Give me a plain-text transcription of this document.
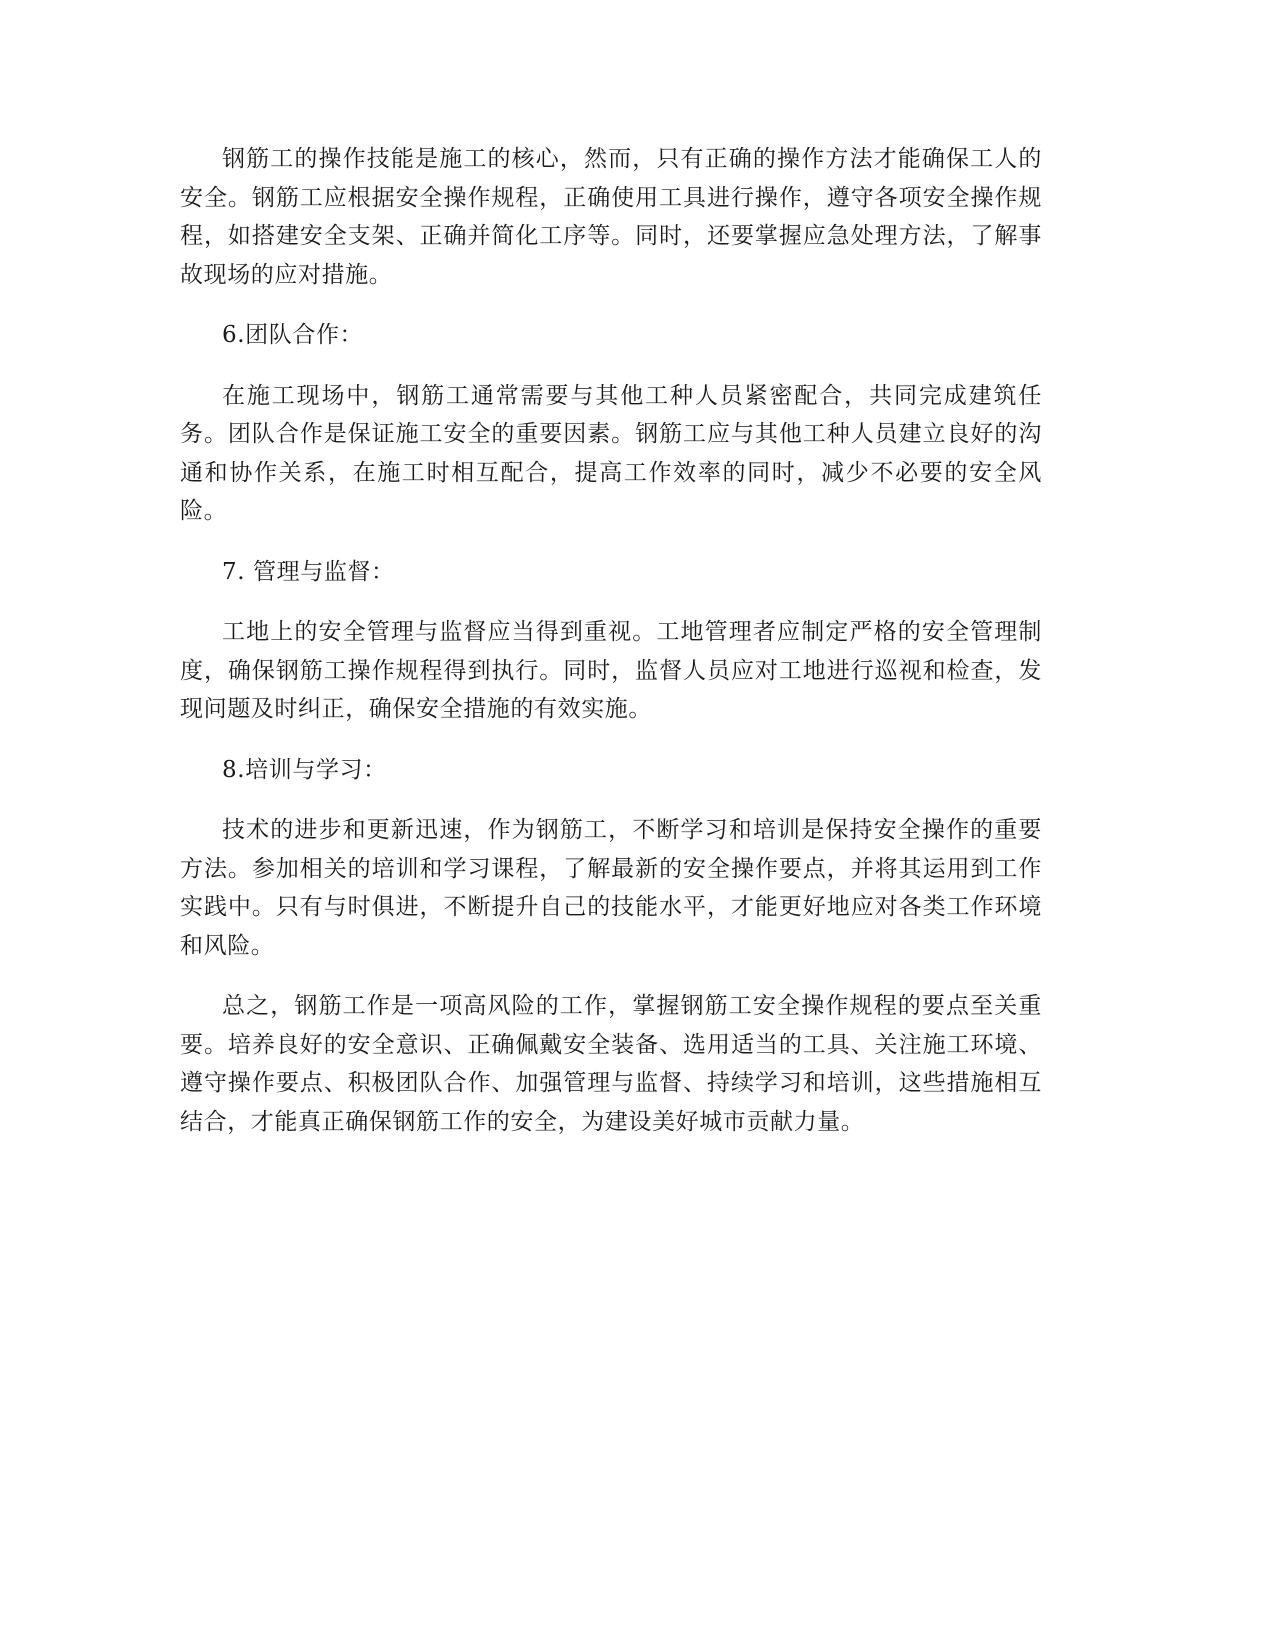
钢筋工的操作技能是施工的核心，然而，只有正确的操作方法才能确保工人的安全。钢筋工应根据安全操作规程，正确使用工具进行操作，遵守各项安全操作规程，如搭建安全支架、正确并简化工序等。同时，还要掌握应急处理方法，了解事故现场的应对措施。

6.团队合作：

在施工现场中，钢筋工通常需要与其他工种人员紧密配合，共同完成建筑任务。团队合作是保证施工安全的重要因素。钢筋工应与其他工种人员建立良好的沟通和协作关系，在施工时相互配合，提高工作效率的同时，减少不必要的安全风险。

7. 管理与监督：

工地上的安全管理与监督应当得到重视。工地管理者应制定严格的安全管理制度，确保钢筋工操作规程得到执行。同时，监督人员应对工地进行巡视和检查，发现问题及时纠正，确保安全措施的有效实施。

8.培训与学习：

技术的进步和更新迅速，作为钢筋工，不断学习和培训是保持安全操作的重要方法。参加相关的培训和学习课程，了解最新的安全操作要点，并将其运用到工作实践中。只有与时俱进，不断提升自己的技能水平，才能更好地应对各类工作环境和风险。

总之，钢筋工作是一项高风险的工作，掌握钢筋工安全操作规程的要点至关重要。培养良好的安全意识、正确佩戴安全装备、选用适当的工具、关注施工环境、遵守操作要点、积极团队合作、加强管理与监督、持续学习和培训，这些措施相互结合，才能真正确保钢筋工作的安全，为建设美好城市贡献力量。
